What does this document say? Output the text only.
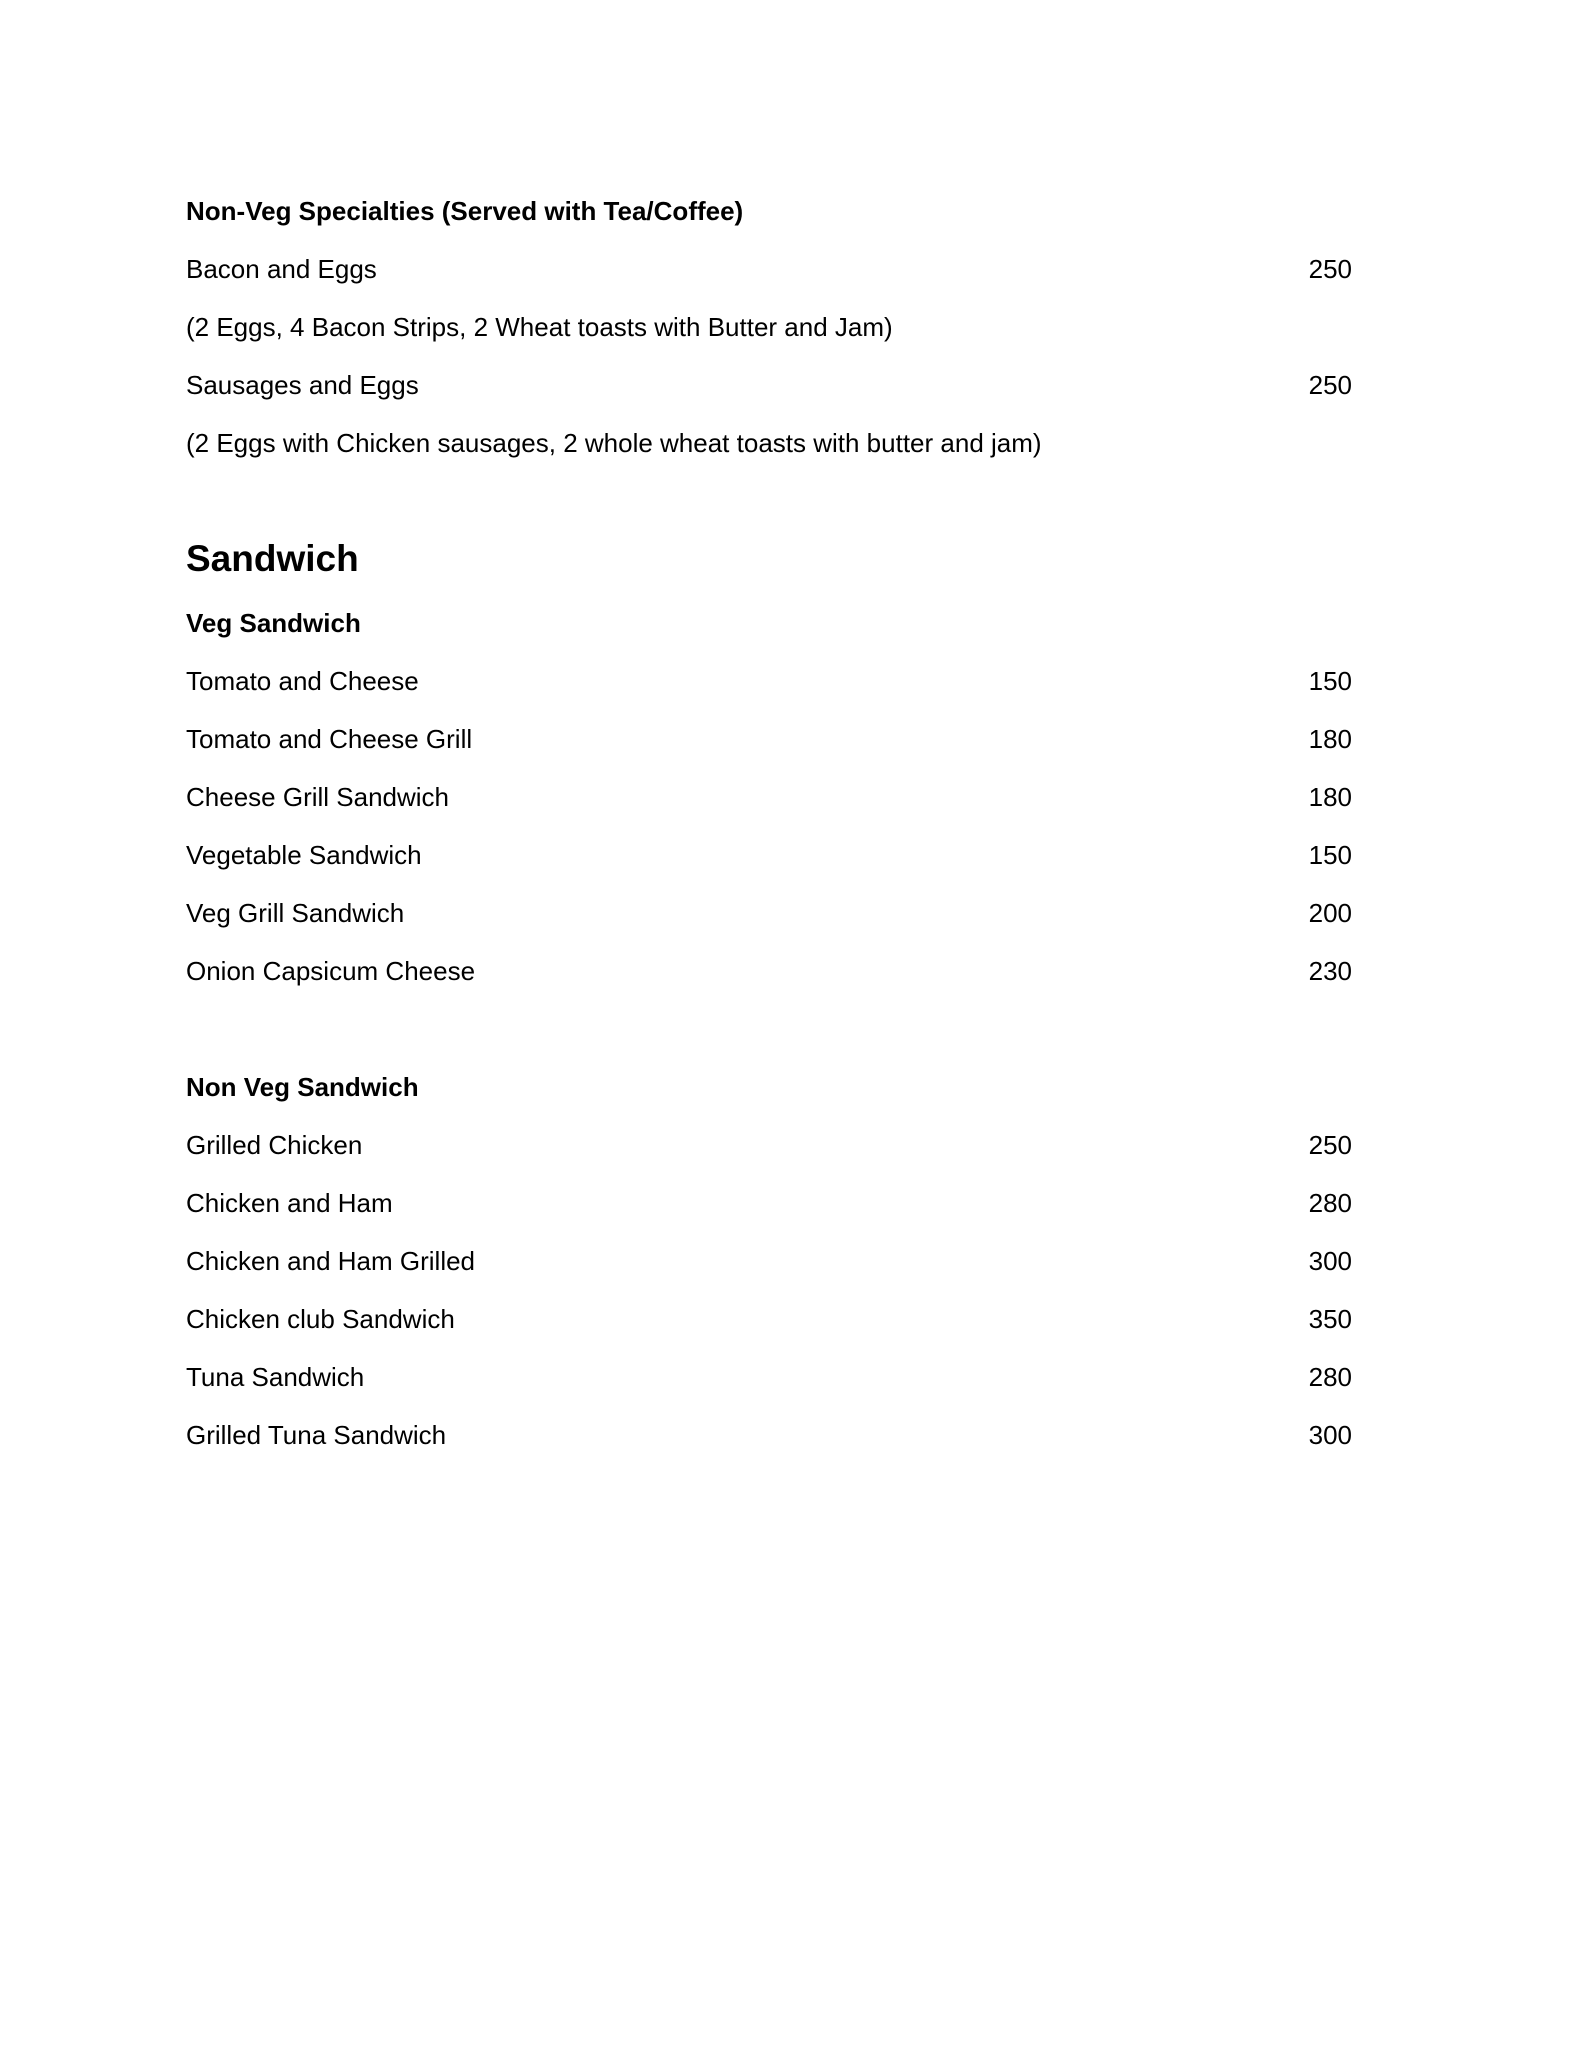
Non-Veg Specialties (Served with Tea/Coffee)
Bacon and Eggs	250
(2 Eggs, 4 Bacon Strips, 2 Wheat toasts with Butter and Jam)
Sausages and Eggs	250
(2 Eggs with Chicken sausages, 2 whole wheat toasts with butter and jam)
Sandwich
Veg Sandwich
Tomato and Cheese	150
Tomato and Cheese Grill	180
Cheese Grill Sandwich	180
Vegetable Sandwich	150
Veg Grill Sandwich	200
Onion Capsicum Cheese	230
Non Veg Sandwich
Grilled Chicken	250
Chicken and Ham	280
Chicken and Ham Grilled	300
Chicken club Sandwich	350
Tuna Sandwich	280
Grilled Tuna Sandwich	300
